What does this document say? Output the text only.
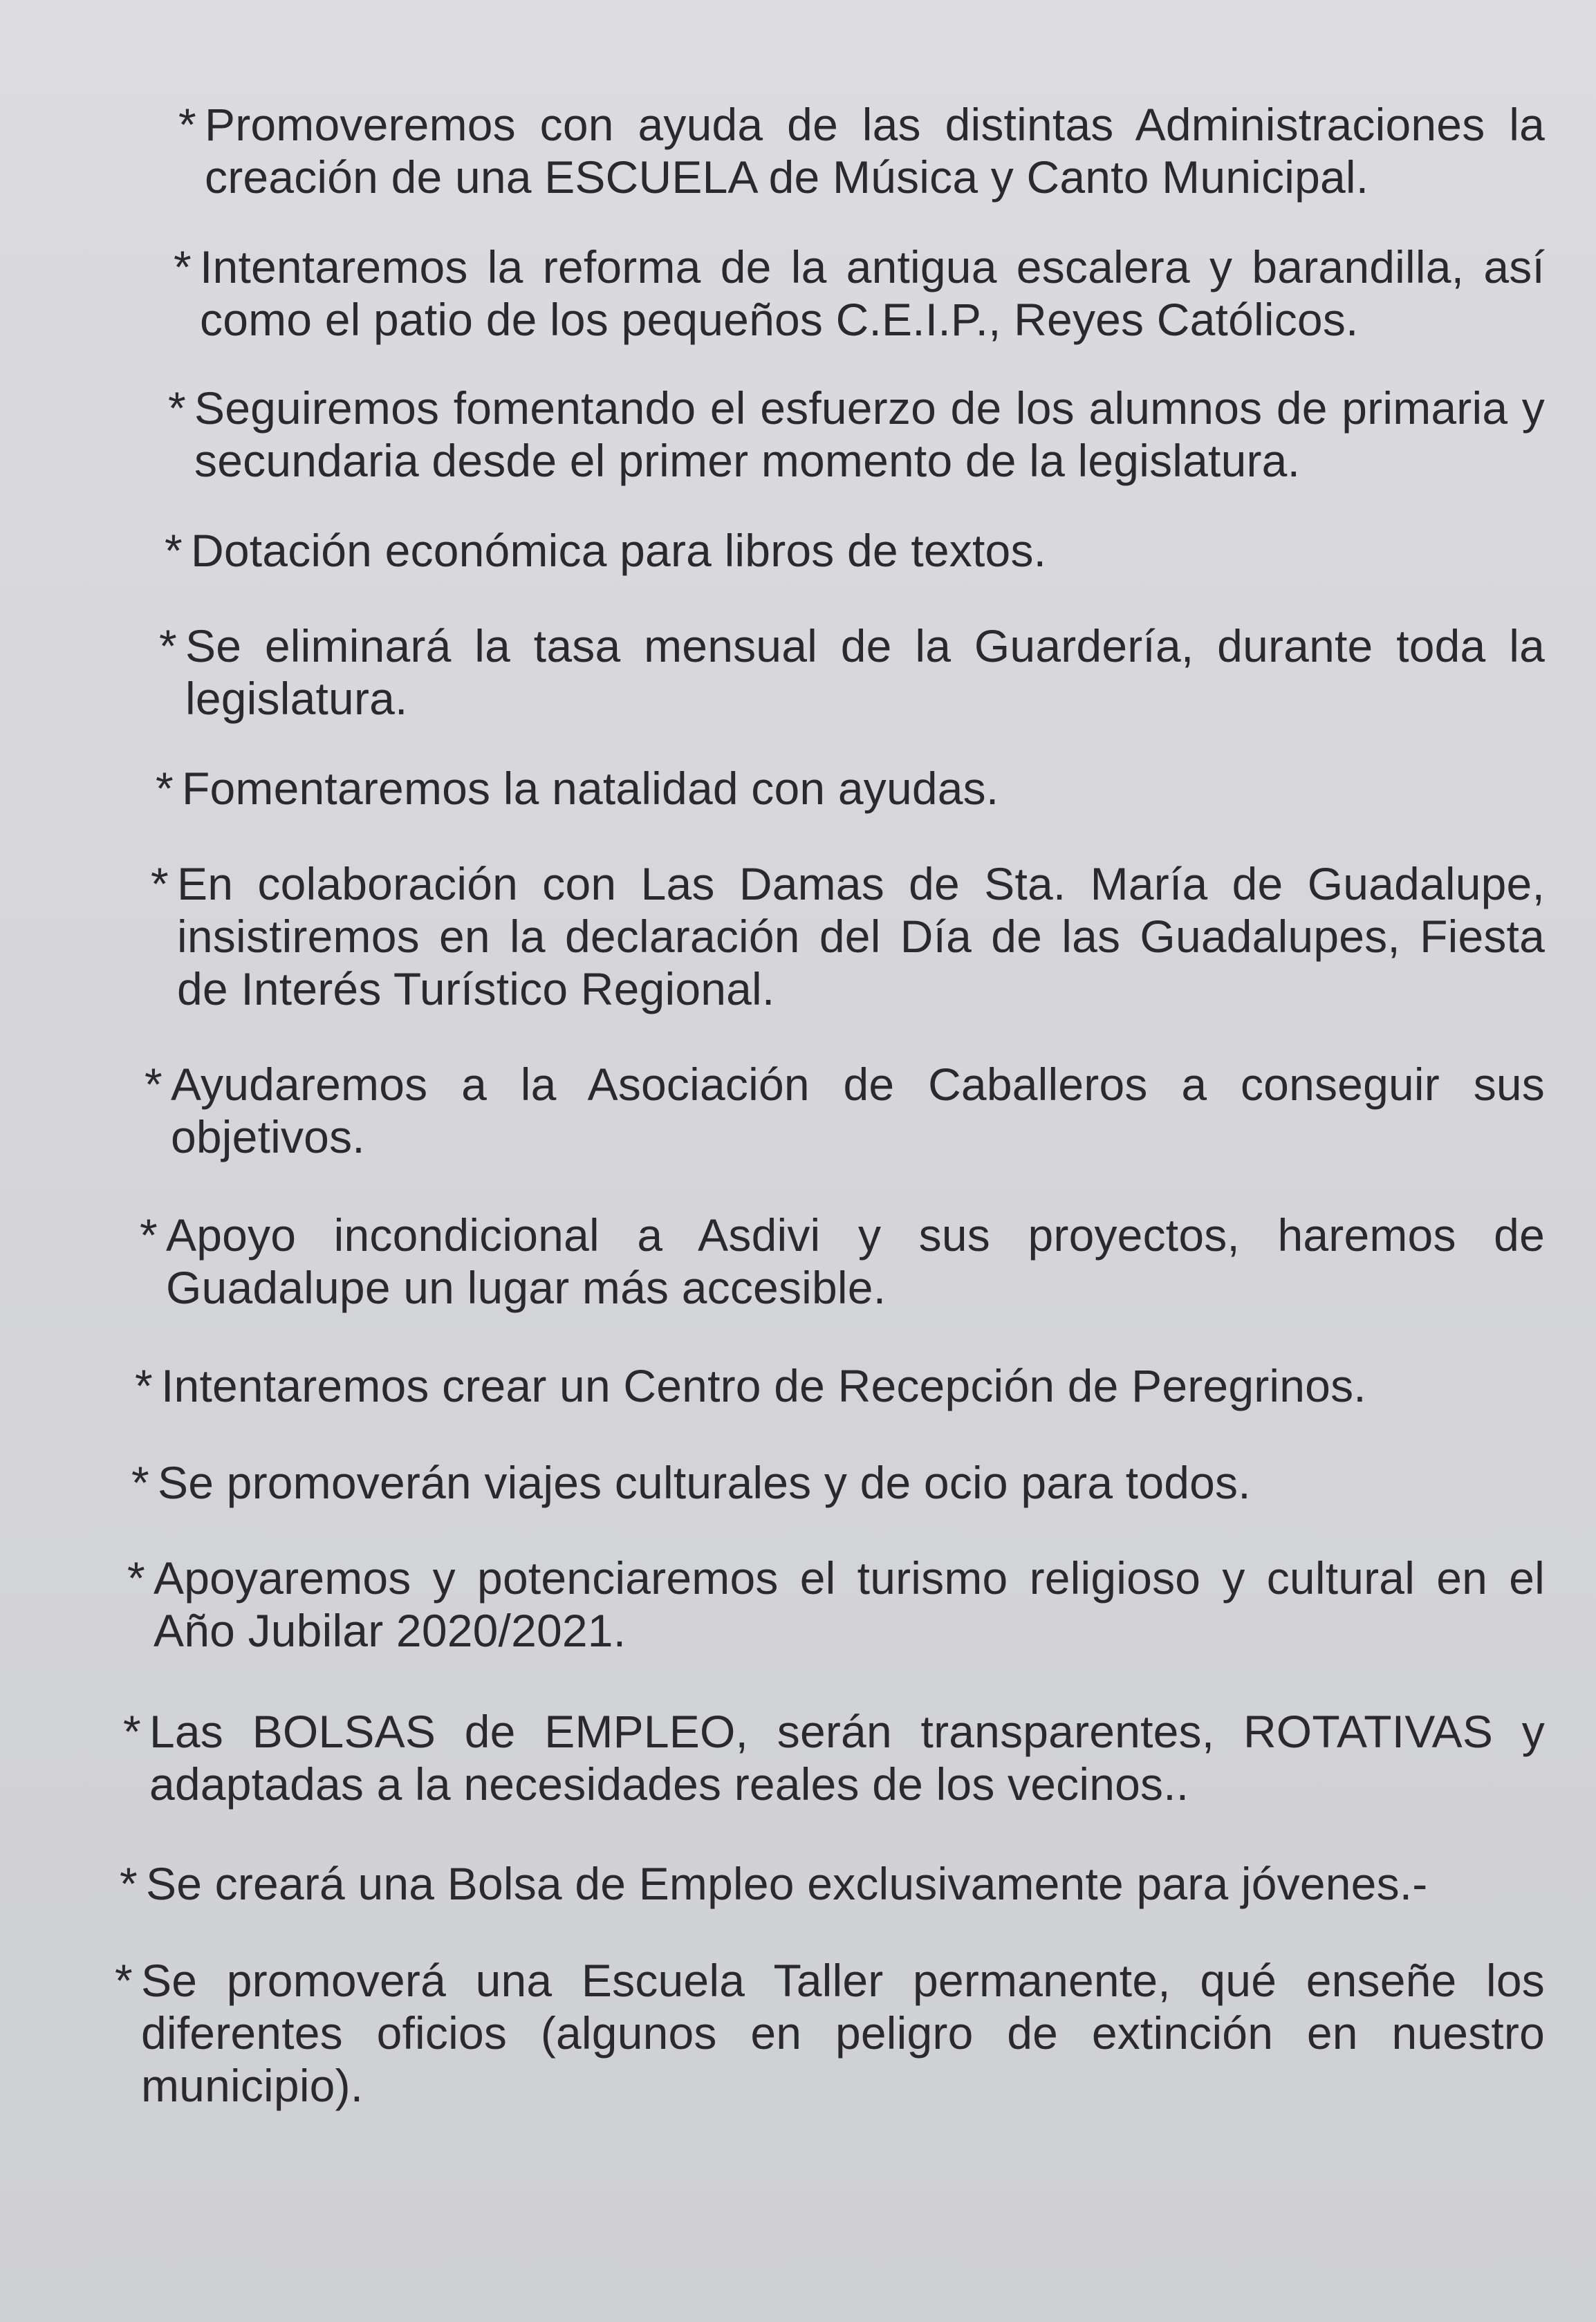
* Promoveremos con ayuda de las distintas Administraciones la creación de una ESCUELA de Música y Canto Municipal.
* Intentaremos la reforma de la antigua escalera y barandilla, así como el patio de los pequeños C.E.I.P., Reyes Católicos.
* Seguiremos fomentando el esfuerzo de los alumnos de primaria y secundaria desde el primer momento de la legislatura.
* Dotación económica para libros de textos.
* Se eliminará la tasa mensual de la Guardería, durante toda la legislatura.
* Fomentaremos la natalidad con ayudas.
* En colaboración con Las Damas de Sta. María de Guadalupe, insistiremos en la declaración del Día de las Guadalupes, Fiesta de Interés Turístico Regional.
* Ayudaremos a la Asociación de Caballeros a conseguir sus objetivos.
* Apoyo incondicional a Asdivi y sus proyectos, haremos de Guadalupe un lugar más accesible.
* Intentaremos crear un Centro de Recepción de Peregrinos.
* Se promoverán viajes culturales y de ocio para todos.
* Apoyaremos y potenciaremos el turismo religioso y cultural en el Año Jubilar 2020/2021.
* Las BOLSAS de EMPLEO, serán transparentes, ROTATIVAS y adaptadas a la necesidades reales de los vecinos..
* Se creará una Bolsa de Empleo exclusivamente para jóvenes.-
* Se promoverá una Escuela Taller permanente, qué enseñe los diferentes oficios (algunos en peligro de extinción en nuestro municipio).
